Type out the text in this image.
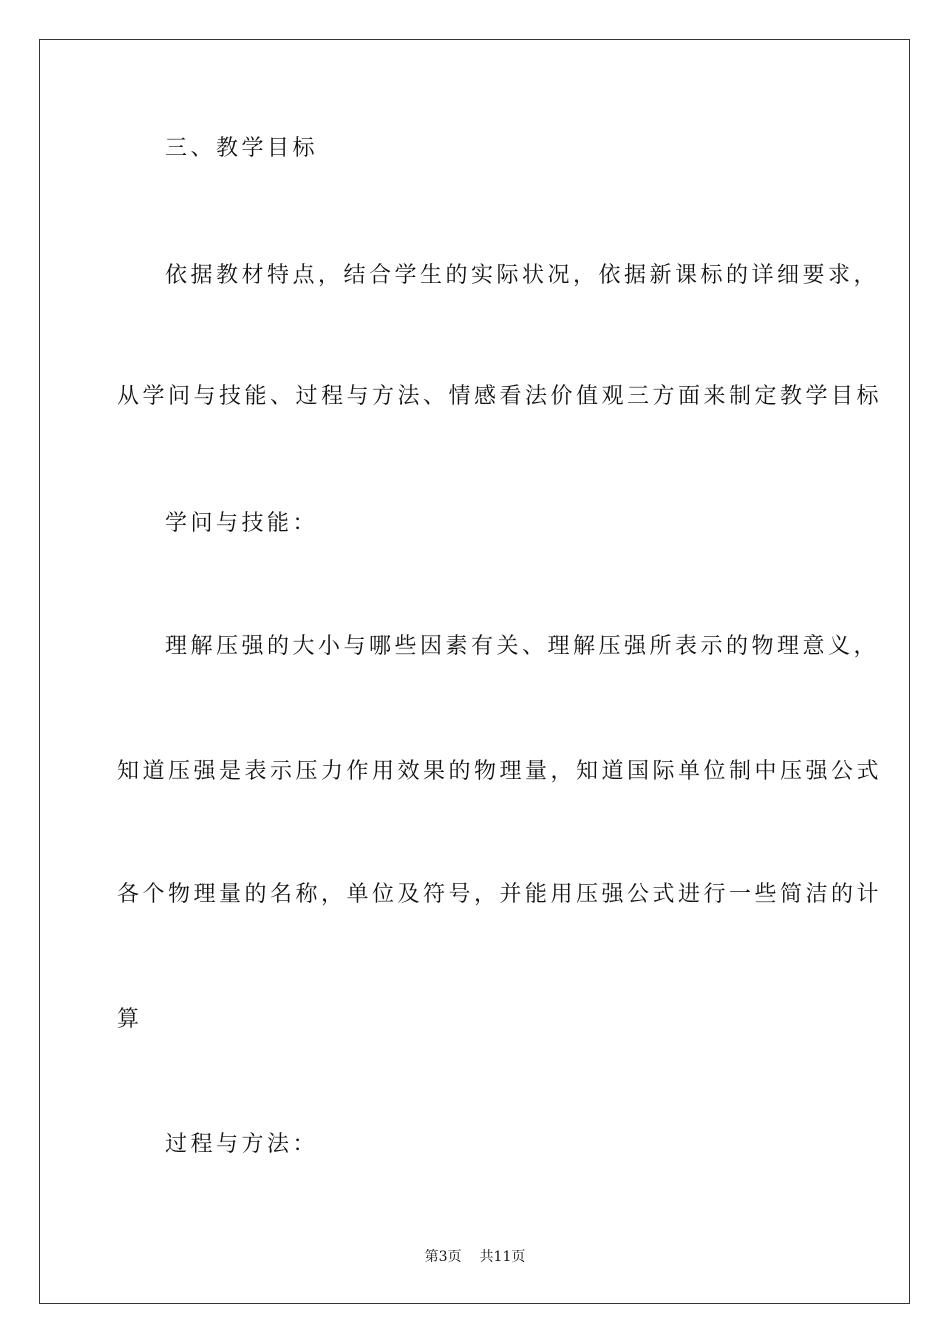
三、教学目标
依据教材特点，结合学生的实际状况，依据新课标的详细要求，
从学问与技能、过程与方法、情感看法价值观三方面来制定教学目标
学问与技能：
理解压强的大小与哪些因素有关、理解压强所表示的物理意义，
知道压强是表示压力作用效果的物理量，知道国际单位制中压强公式
各个物理量的名称，单位及符号，并能用压强公式进行一些简洁的计
算
过程与方法：
第3页 共11页
